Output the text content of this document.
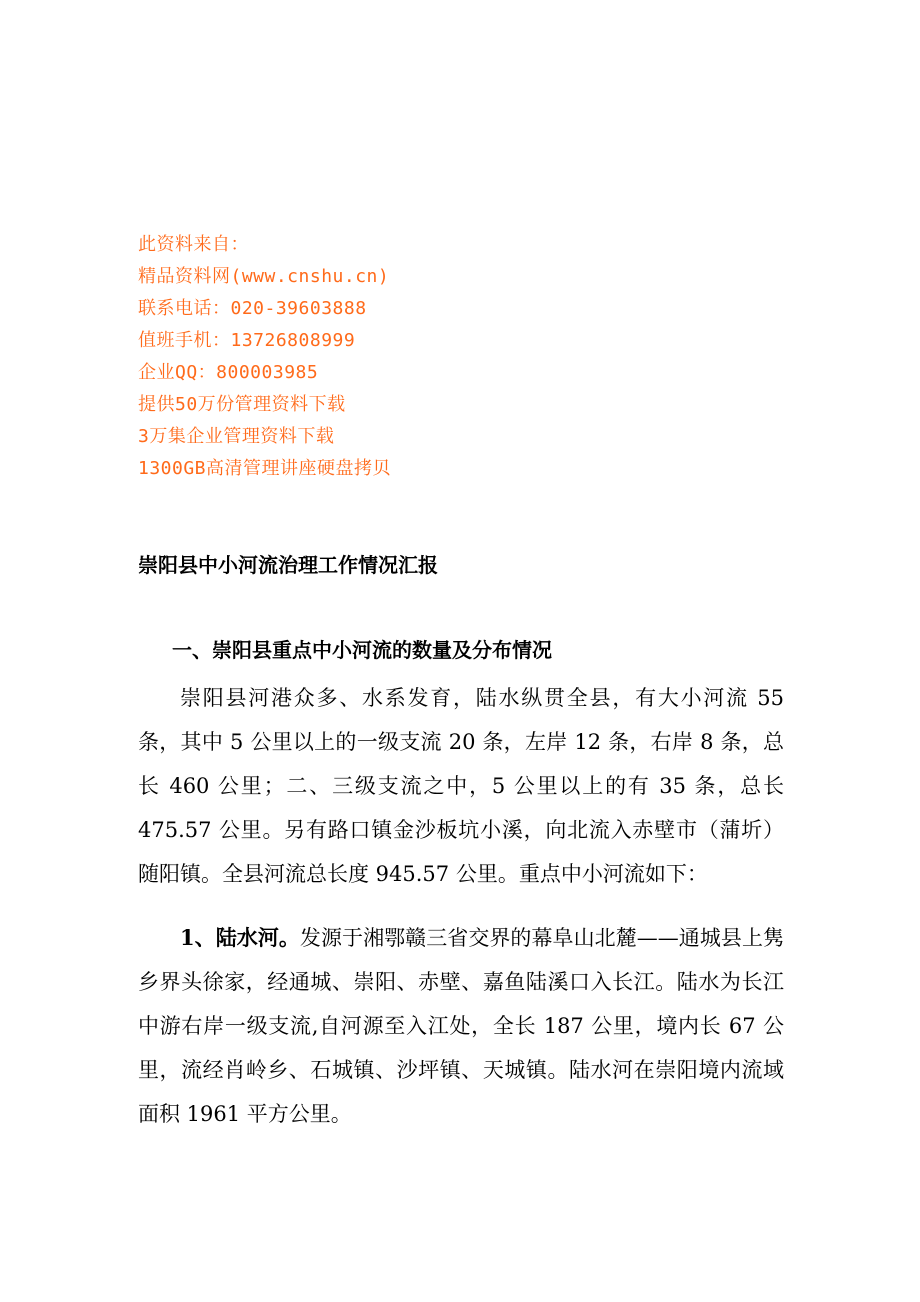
此资料来自：
精品资料网(www.cnshu.cn)
联系电话：020-39603888
值班手机：13726808999
企业QQ：800003985
提供50万份管理资料下载
3万集企业管理资料下载
1300GB高清管理讲座硬盘拷贝
崇阳县中小河流治理工作情况汇报
一、崇阳县重点中小河流的数量及分布情况

崇阳县河港众多、水系发育，陆水纵贯全县，有大小河流 55 条，其中 5 公里以上的一级支流 20 条，左岸 12 条，右岸 8 条，总长 460 公里；二、三级支流之中，5 公里以上的有 35 条，总长 475.57 公里。另有路口镇金沙板坑小溪，向北流入赤壁市（蒲圻）随阳镇。全县河流总长度 945.57 公里。重点中小河流如下：

1、陆水河。发源于湘鄂赣三省交界的幕阜山北麓——通城县上隽乡界头徐家，经通城、崇阳、赤壁、嘉鱼陆溪口入长江。陆水为长江中游右岸一级支流,自河源至入江处，全长 187 公里，境内长 67 公里，流经肖岭乡、石城镇、沙坪镇、天城镇。陆水河在崇阳境内流域面积 1961 平方公里。
